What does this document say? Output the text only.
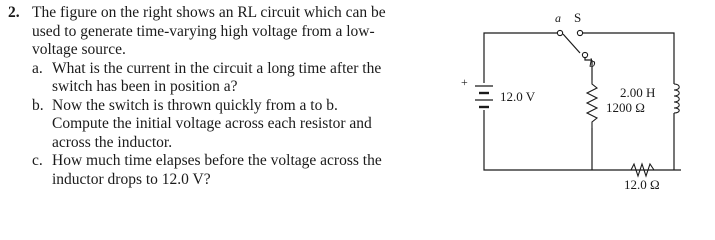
2. The figure on the right shows an RL circuit which can be
used to generate time-varying high voltage from a low-
voltage source.
a. What is the current in the circuit a long time after the
switch has been in position a?
b. Now the switch is thrown quickly from a to b.
Compute the initial voltage across each resistor and
across the inductor.
c. How much time elapses before the voltage across the
inductor drops to 12.0 V?
a S
b
+
12.0 V	2.00 H
1200 Ω
12.0 Ω
